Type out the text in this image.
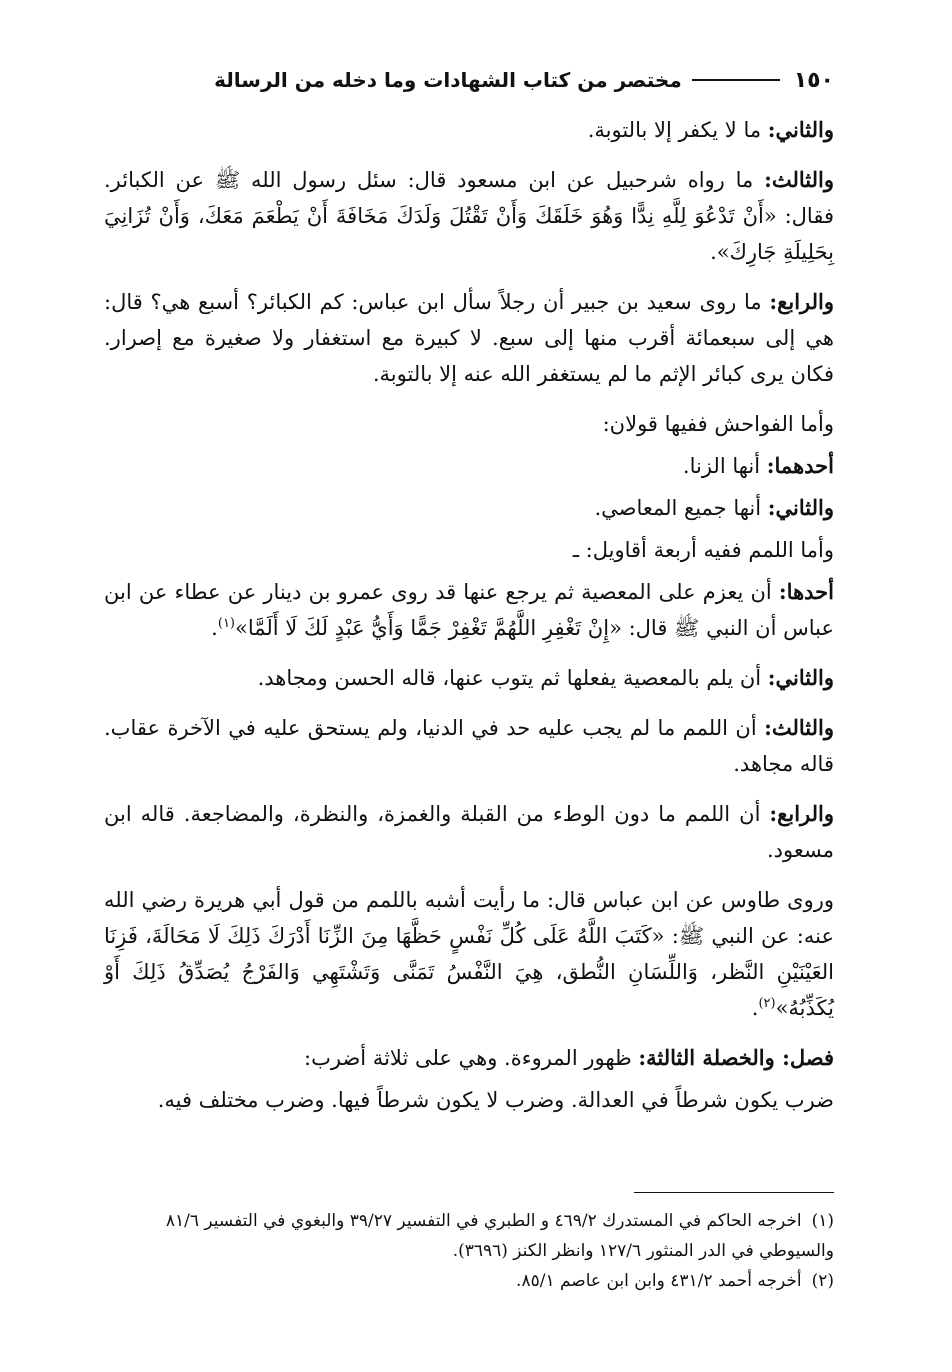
١٥٠
مختصر من كتاب الشهادات وما دخله من الرسالة

والثاني: ما لا يكفر إلا بالتوبة.

والثالث: ما رواه شرحبيل عن ابن مسعود قال: سئل رسول الله ﷺ عن الكبائر. فقال: «أَنْ تَدْعُوَ لِلَّهِ نِدًّا وَهُوَ خَلَقَكَ وَأَنْ تَقْتُلَ وَلَدَكَ مَخَافَةَ أَنْ يَطْعَمَ مَعَكَ، وَأَنْ تُزَانِيَ بِحَلِيلَةِ جَارِكَ».

والرابع: ما روى سعيد بن جبير أن رجلاً سأل ابن عباس: كم الكبائر؟ أسبع هي؟ قال: هي إلى سبعمائة أقرب منها إلى سبع. لا كبيرة مع استغفار ولا صغيرة مع إصرار. فكان يرى كبائر الإثم ما لم يستغفر الله عنه إلا بالتوبة.

وأما الفواحش ففيها قولان:

أحدهما: أنها الزنا.

والثاني: أنها جميع المعاصي.

وأما اللمم ففيه أربعة أقاويل: ـ

أحدها: أن يعزم على المعصية ثم يرجع عنها قد روى عمرو بن دينار عن عطاء عن ابن عباس أن النبي ﷺ قال: «إِنْ تَغْفِرِ اللَّهُمَّ تَغْفِرْ جَمًّا وَأَيُّ عَبْدٍ لَكَ لَا أَلَمَّا»$^{(١)}$.

والثاني: أن يلم بالمعصية يفعلها ثم يتوب عنها، قاله الحسن ومجاهد.

والثالث: أن اللمم ما لم يجب عليه حد في الدنيا، ولم يستحق عليه في الآخرة عقاب. قاله مجاهد.

والرابع: أن اللمم ما دون الوطء من القبلة والغمزة، والنظرة، والمضاجعة. قاله ابن مسعود.

وروى طاوس عن ابن عباس قال: ما رأيت أشبه باللمم من قول أبي هريرة رضي الله عنه: عن النبي ﷺ: «كَتَبَ اللَّهُ عَلَى كُلِّ نَفْسٍ حَظَّهَا مِنَ الزِّنَا أَدْرَكَ ذَلِكَ لَا مَحَالَةَ، فَزِنَا العَيْنَيْنِ النَّظر، وَاللِّسَانِ النُّطق، هِيَ النَّفْسُ تَمَنَّى وَتَشْتَهِي وَالفَرْجُ يُصَدِّقُ ذَلِكَ أَوْ يُكَذِّبُهُ»$^{(٢)}$.

فصل: والخصلة الثالثة: ظهور المروءة. وهي على ثلاثة أضرب:

ضرب يكون شرطاً في العدالة. وضرب لا يكون شرطاً فيها. وضرب مختلف فيه.

(١)اخرجه الحاكم في المستدرك ٤٦٩/٢ و الطبري في التفسير ٣٩/٢٧ والبغوي في التفسير ٨١/٦ والسيوطي في الدر المنثور ١٢٧/٦ وانظر الكنز (٣٦٩٦).

(٢)أخرجه أحمد ٤٣١/٢ وابن ابن عاصم ٨٥/١.
